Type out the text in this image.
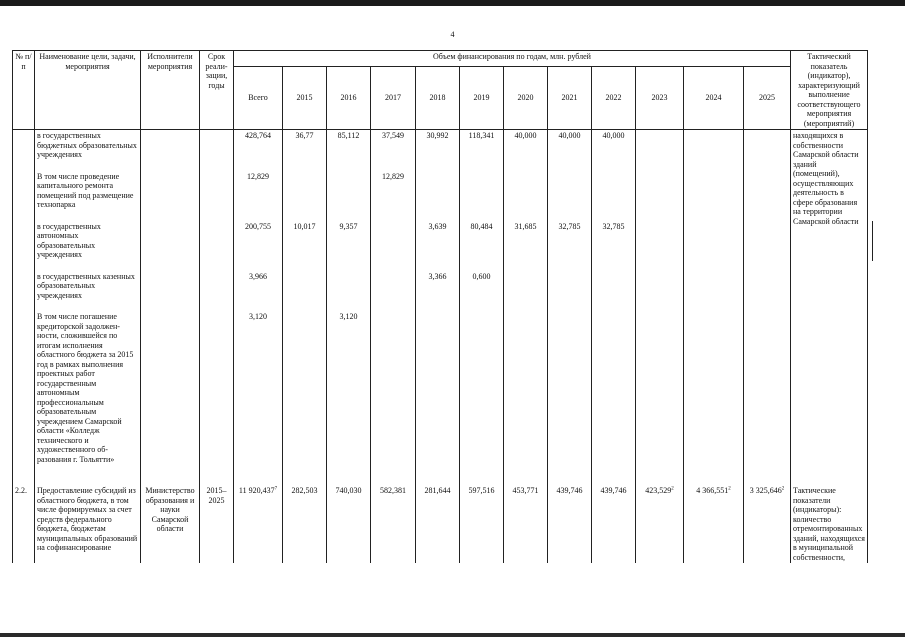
4
№ п/п	Наименование цели, задачи, мероприятия	Исполнители мероприятия	Срок реали-зации, годы	Объем финансирования по годам, млн. рублей												Тактический показатель (индикатор), характеризующий выполнение соответствующего мероприятия (мероприятий)	
				Всего	2015	2016	2017	2018	2019	2020	2021	2022	2023	2024	2025		
	в государственных бюджетных образовательных учреждениях			428,764	36,77	85,112	37,549	30,992	118,341	40,000	40,000	40,000				находящихся в собственности Самарской области зданий (помещений), осуществляющих деятельность в сфере образования на территории Самарской области	

	В том числе проведение капитального ремонта помещений под размещение технопарка			12,829			12,829										

	в государственных автономных образовательных учреждениях			200,755	10,017	9,357		3,639	80,484	31,685	32,785	32,785					

	в государственных казенных образовательных учреждениях			3,966				3,366	0,600								

	В том числе погашение кредиторской задолжен-ности, сложившейся по итогам исполнения областного бюджета за 2015 год в рамках выполнения проектных работ государственным автономным профессиональным образовательным учреждением Самарской области «Колледж технического и художественного об-разования г. Тольятти»			3,120		3,120											

2.2.	Предоставление субсидий из областного бюджета, в том числе формируемых за счет средств федерального бюджета, бюджетам муниципальных образований на софинансирование	Министерство образования и науки Самарской области	2015–2025	11 920,437$^7$	282,503	740,030	582,381	281,644	597,516	453,771	439,746	439,746	423,529$^2$	4 366,551$^2$	3 325,646$^2$	Тактические показатели (индикаторы): количество отремонтированных зданий, находящихся в муниципальной собственности,	
